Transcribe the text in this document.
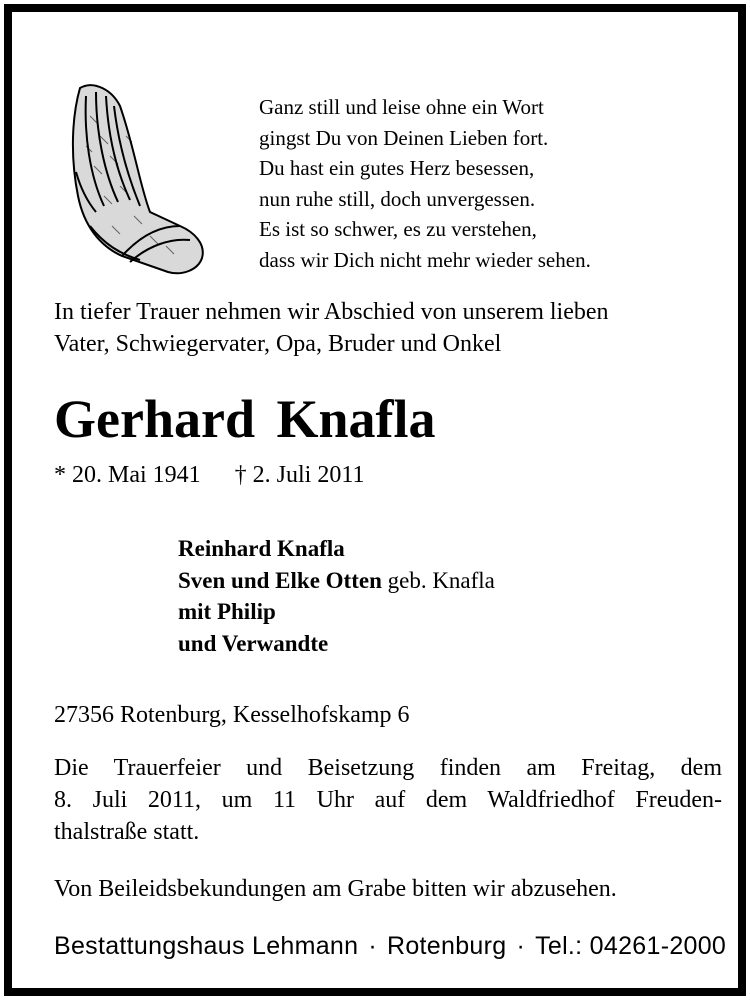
Ganz still und leise ohne ein Wort
gingst Du von Deinen Lieben fort.
Du hast ein gutes Herz besessen,
nun ruhe still, doch unvergessen.
Es ist so schwer, es zu verstehen,
dass wir Dich nicht mehr wieder sehen.
In tiefer Trauer nehmen wir Abschied von unserem lieben
Vater, Schwiegervater, Opa, Bruder und Onkel
Gerhard Knafla
* 20. Mai 1941 † 2. Juli 2011
Reinhard Knafla
Sven und Elke Otten geb. Knafla
mit Philip
und Verwandte
27356 Rotenburg, Kesselhofskamp 6
Die Trauerfeier und Beisetzung finden am Freitag, dem
8. Juli 2011, um 11 Uhr auf dem Waldfriedhof Freuden-
thalstraße statt.
Von Beileidsbekundungen am Grabe bitten wir abzusehen.
Bestattungshaus Lehmann · Rotenburg · Tel.: 04261-2000
